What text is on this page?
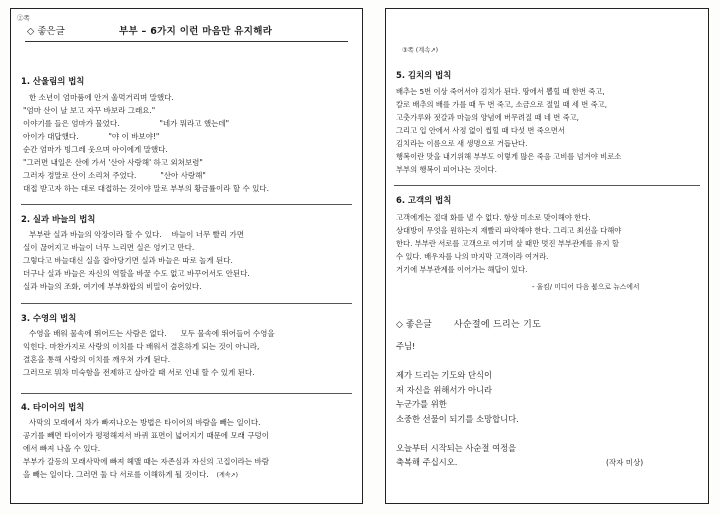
②쪽
◇ 좋은글	부부 – 6가지 이런 마음만 유지해라
1. 산울림의 법칙
한 소년이 엄마품에 안겨 울먹거리며 말했다.
"엄마 산이 날 보고 자꾸 바보라 그래요."
이야기를 들은 엄마가 물었다.	"네가 뭐라고 했는데"
아이가 대답했다.	"야 이 바보야!"
순간 엄마가 빙그레 웃으며 아이에게 말했다.
"그러면 내일은 산에 가서 '산아 사랑해' 하고 외쳐보렴"
그러자 정말로 산이 소리쳐 주었다.	"산아 사랑해"
대접 받고자 하는 대로 대접하는 것이야 말로 부부의 황금률이라 할 수 있다.
2. 실과 바늘의 법칙
부부란 실과 바늘의 악장이라 할 수 있다. 바늘이 너무 빨리 가면
실이 끊어지고 바늘이 너무 느리면 실은 엉키고 만다.
그렇다고 바늘대신 실을 잡아당기면 실과 바늘은 따로 놀게 된다.
더구나 실과 바늘은 자신의 역할을 바꿀 수도 없고 바꾸어서도 안된다.
실과 바늘의 조화, 여기에 부부화합의 비밀이 숨어있다.
3. 수영의 법칙
수영을 배워 물속에 뛰어드는 사람은 없다. 모두 물속에 뛰어들어 수영을
익힌다. 마찬가지로 사랑의 이치를 다 배워서 결혼하게 되는 것이 아니라,
결혼을 통해 사랑의 이치를 깨우쳐 가게 된다.
그러므로 뭐차 미숙함을 전제하고 살아갈 때 서로 인내 할 수 있게 된다.
4. 타이어의 법칙
사막의 모래에서 차가 빠져나오는 방법은 타이어의 바람을 빼는 일이다.
공기를 빼면 타이어가 평평해져서 바퀴 표면이 넓어지기 때문에 모래 구덩이
에서 빠져 나올 수 있다.
부부가 갈등의 모래사막에 빠져 헤맬 때는 자존심과 자신의 고집이라는 바람
을 빼는 일이다. 그러면 둘 다 서로를 이해하게 될 것이다. (계속↗)
③쪽 (계속↗)
5. 김치의 법칙
배추는 5번 이상 죽어서야 김치가 된다. 땅에서 뽑힐 때 한번 죽고,
칼로 배추의 배를 가를 때 두 번 죽고, 소금으로 절일 때 세 번 죽고,
고춧가루와 젓갈과 마늘의 양념에 버무려질 때 네 번 죽고,
그리고 입 안에서 사정 없이 씹힐 때 다섯 번 죽으면서
김치라는 이름으로 새 생명으로 거듭난다.
행복이란 맛을 내기위해 부부도 이렇게 많은 죽음 고비를 넘겨야 비로소
부부의 행복이 피어나는 것이다.
6. 고객의 법칙
고객에게는 절대 화를 낼 수 없다. 항상 미소로 맞이해야 한다.
상대방이 무엇을 원하는지 재빨리 파악해야 한다. 그리고 최선을 다해야
한다. 부부란 서로를 고객으로 여기며 살 때만 멋진 부부관계를 유지 할
수 있다. 배우자를 나의 마지막 고객이라 여겨라.
거기에 부부관계를 이어가는 해답이 있다.
- 울킴/ 미디어 다음 붐으로 뉴스에서
◇ 좋은글 사순절에 드리는 기도
주님!

제가 드리는 기도와 단식이
저 자신을 위해서가 아니라
누군가를 위한
소중한 선물이 되기를 소망합니다.

오늘부터 시작되는 사순절 여정을
축복해 주십시오.	(작자 미상)
